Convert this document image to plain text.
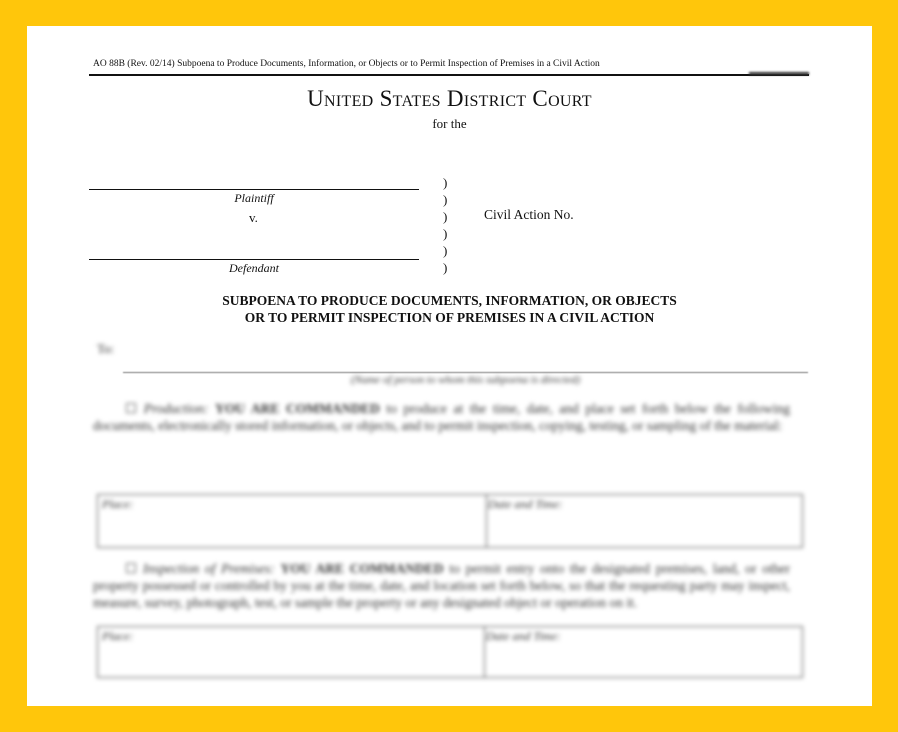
AO 88B (Rev. 02/14) Subpoena to Produce Documents, Information, or Objects or to Permit Inspection of Premises in a Civil Action
United States District Court
for the
Plaintiff
v.
Defendant
)
)
)
)
)
)
Civil Action No.
SUBPOENA TO PRODUCE DOCUMENTS, INFORMATION, OR OBJECTS
OR TO PERMIT INSPECTION OF PREMISES IN A CIVIL ACTION
To:
(Name of person to whom this subpoena is directed)
☐ Production: YOU ARE COMMANDED to produce at the time, date, and place set forth below the following documents, electronically stored information, or objects, and to permit inspection, copying, testing, or sampling of the material:
Place:	Date and Time:
☐ Inspection of Premises: YOU ARE COMMANDED to permit entry onto the designated premises, land, or other property possessed or controlled by you at the time, date, and location set forth below, so that the requesting party may inspect, measure, survey, photograph, test, or sample the property or any designated object or operation on it.
Place:	Date and Time:
